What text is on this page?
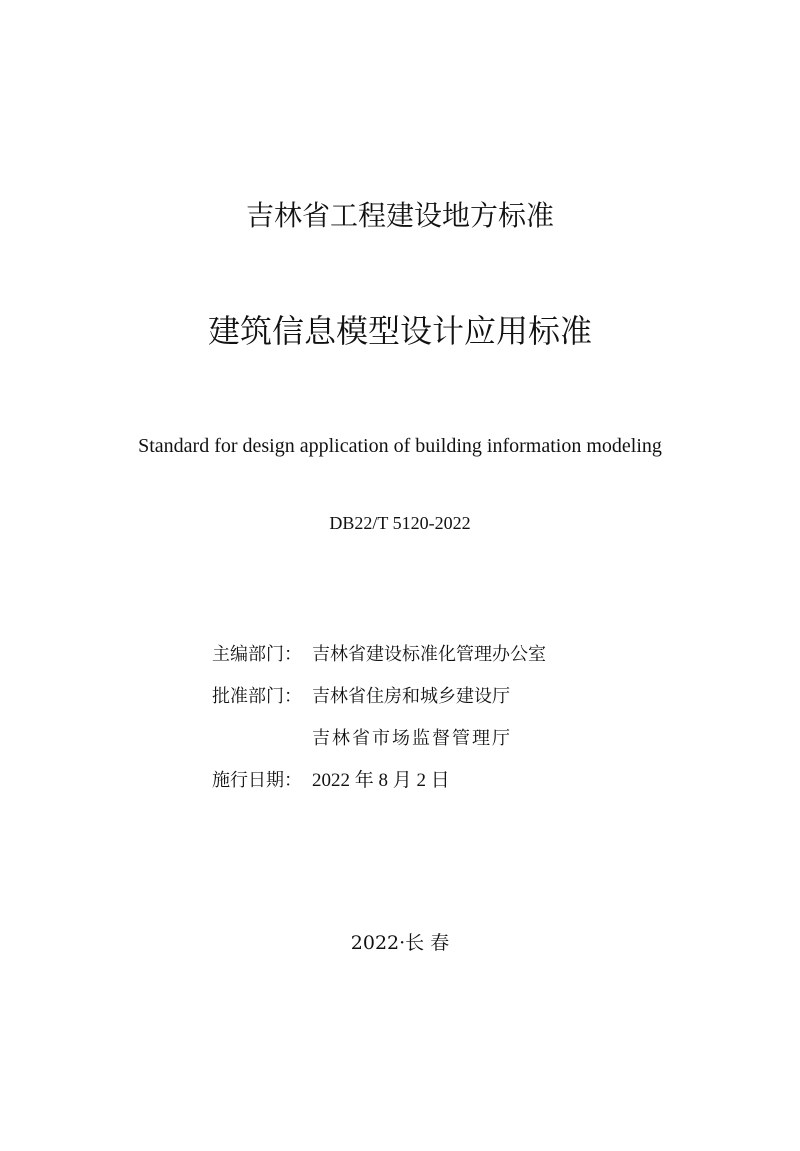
吉林省工程建设地方标准
建筑信息模型设计应用标准
Standard for design application of building information modeling
DB22/T 5120-2022
主编部门： 吉林省建设标准化管理办公室
批准部门： 吉林省住房和城乡建设厅
吉林省市场监督管理厅
施行日期： 2022 年 8 月 2 日
2022·长 春
